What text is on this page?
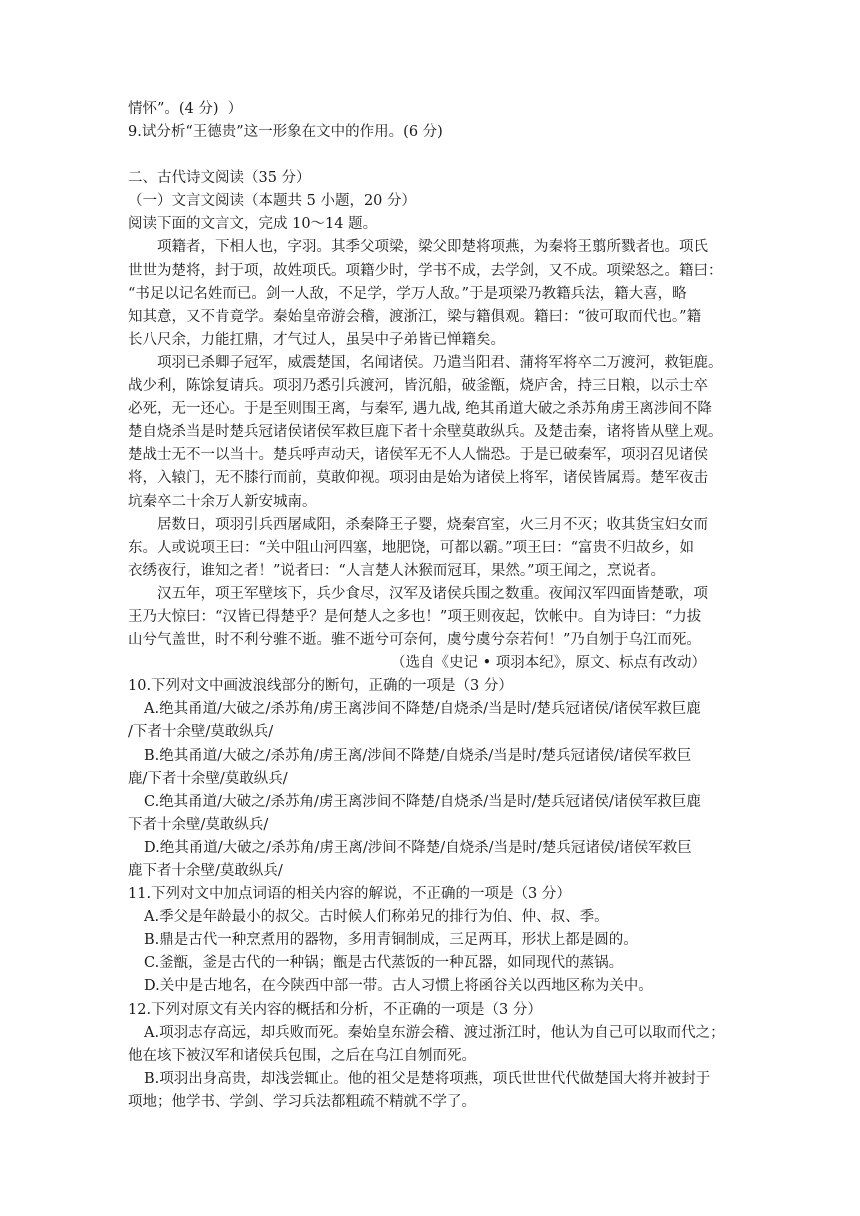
情怀”。(4 分)  ）

9.试分析“王德贵”这一形象在文中的作用。(6 分)

二、古代诗文阅读（35 分）

（一）文言文阅读（本题共 5 小题，20 分）

阅读下面的文言文，完成 10～14 题。

项籍者，下相人也，字羽。其季父项梁，梁父即楚将项燕，为秦将王翦所戮者也。项氏

世世为楚将，封于项，故姓项氏。项籍少时，学书不成，去学剑，又不成。项梁怒之。籍曰：

“书足以记名姓而已。剑一人敌，不足学，学万人敌。”于是项梁乃教籍兵法，籍大喜，略

知其意，又不肯竟学。秦始皇帝游会稽，渡浙江，梁与籍俱观。籍曰：“彼可取而代也。”籍

长八尺余，力能扛鼎，才气过人，虽吴中子弟皆已惮籍矣。

项羽已杀卿子冠军，威震楚国，名闻诸侯。乃遣当阳君、蒲将军将卒二万渡河，救钜鹿。

战少利，陈馀复请兵。项羽乃悉引兵渡河，皆沉船，破釜甑，烧庐舍，持三日粮，以示士卒

必死，无一还心。于是至则围王离，与秦军, 遇九战, 绝其甬道大破之杀苏角虏王离涉间不降

楚自烧杀当是时楚兵冠诸侯诸侯军救巨鹿下者十余壁莫敢纵兵。及楚击秦，诸将皆从壁上观。

楚战士无不一以当十。楚兵呼声动天，诸侯军无不人人惴恐。于是已破秦军，项羽召见诸侯

将，入辕门，无不膝行而前，莫敢仰视。项羽由是始为诸侯上将军，诸侯皆属焉。楚军夜击

坑秦卒二十余万人新安城南。

居数日，项羽引兵西屠咸阳，杀秦降王子婴，烧秦宫室，火三月不灭；收其货宝妇女而

东。人或说项王曰：“关中阻山河四塞，地肥饶，可都以霸。”项王曰：“富贵不归故乡，如

衣绣夜行，谁知之者！”说者曰：“人言楚人沐猴而冠耳，果然。”项王闻之，烹说者。

汉五年，项王军壁垓下，兵少食尽，汉军及诸侯兵围之数重。夜闻汉军四面皆楚歌，项

王乃大惊曰：“汉皆已得楚乎？是何楚人之多也！”项王则夜起，饮帐中。自为诗曰：“力拔

山兮气盖世，时不利兮骓不逝。骓不逝兮可奈何，虞兮虞兮奈若何！”乃自刎于乌江而死。

（选自《史记 • 项羽本纪》，原文、标点有改动）

10.下列对文中画波浪线部分的断句，正确的一项是（3 分）

A.绝其甬道/大破之/杀苏角/虏王离涉间不降楚/自烧杀/当是时/楚兵冠诸侯/诸侯军救巨鹿

/下者十余壁/莫敢纵兵/

B.绝其甬道/大破之/杀苏角/虏王离/涉间不降楚/自烧杀/当是时/楚兵冠诸侯/诸侯军救巨

鹿/下者十余壁/莫敢纵兵/

C.绝其甬道/大破之/杀苏角/虏王离涉间不降楚/自烧杀/当是时/楚兵冠诸侯/诸侯军救巨鹿

下者十余壁/莫敢纵兵/

D.绝其甬道/大破之/杀苏角/虏王离/涉间不降楚/自烧杀/当是时/楚兵冠诸侯/诸侯军救巨

鹿下者十余壁/莫敢纵兵/

11.下列对文中加点词语的相关内容的解说，不正确的一项是（3 分）

A.季父是年龄最小的叔父。古时候人们称弟兄的排行为伯、仲、叔、季。

B.鼎是古代一种烹煮用的器物，多用青铜制成，三足两耳，形状上都是圆的。

C.釜甑，釜是古代的一种锅；甑是古代蒸饭的一种瓦器，如同现代的蒸锅。

D.关中是古地名，在今陕西中部一带。古人习惯上将函谷关以西地区称为关中。

12.下列对原文有关内容的概括和分析，不正确的一项是（3 分）

A.项羽志存高远，却兵败而死。秦始皇东游会稽、渡过浙江时，他认为自己可以取而代之；

他在垓下被汉军和诸侯兵包围，之后在乌江自刎而死。

B.项羽出身高贵，却浅尝辄止。他的祖父是楚将项燕，项氏世世代代做楚国大将并被封于

项地；他学书、学剑、学习兵法都粗疏不精就不学了。
